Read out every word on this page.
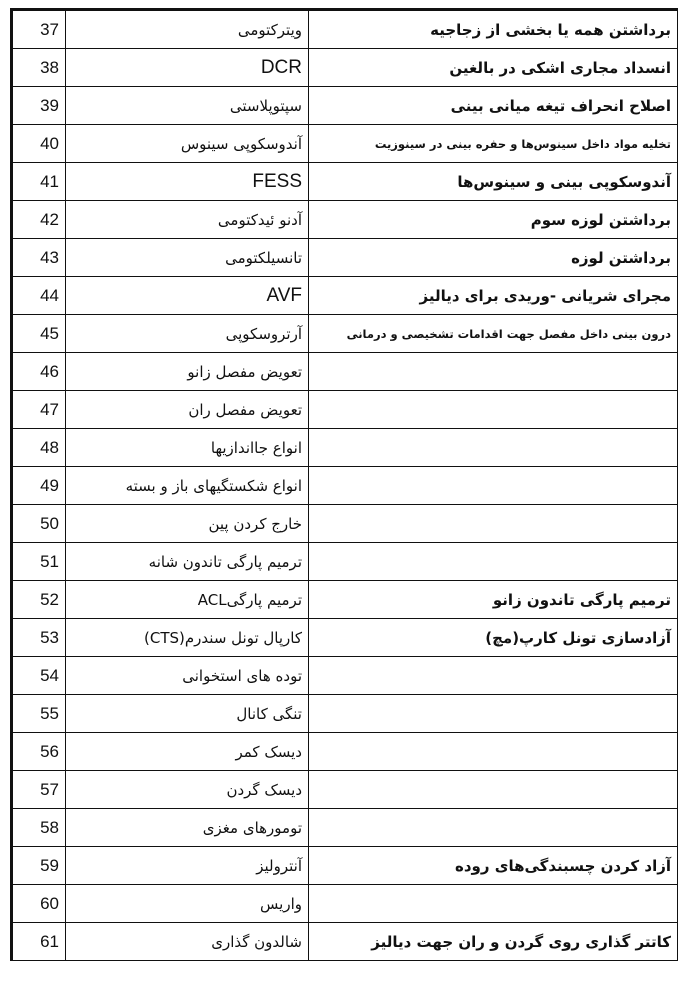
37	ویترکتومی	برداشتن همه یا بخشی از زجاجیه
38	DCR	انسداد مجاری اشکی در بالغین
39	سپتوپلاستی	اصلاح انحراف تیغه میانی بینی
40	آندوسکوپی سینوس	تخلیه مواد داخل سینوس‌ها و حفره بینی در سینوزیت
41	FESS	آندوسکوپی بینی و سینوس‌ها
42	آدنو ئیدکتومی	برداشتن لوزه سوم
43	تانسیلکتومی	برداشتن لوزه
44	AVF	مجرای شریانی -وریدی برای دیالیز
45	آرتروسکوپی	درون بینی داخل مفصل جهت اقدامات تشخیصی و درمانی
46	تعویض مفصل زانو	
47	تعویض مفصل ران	
48	انواع جااندازیها	
49	انواع شکستگیهای باز و بسته	
50	خارج کردن پین	
51	ترمیم پارگی تاندون شانه	
52	ترمیم پارگیACL	ترمیم پارگی تاندون زانو
53	کارپال تونل سندرم(CTS)	آزادسازی تونل کارپ(مچ)
54	توده های استخوانی	
55	تنگی کانال	
56	دیسک کمر	
57	دیسک گردن	
58	تومورهای مغزی	
59	آنترولیز	آزاد کردن چسبندگی‌های روده
60	واریس	
61	شالدون گذاری	کاتتر گذاری روی گردن و ران جهت دیالیز
